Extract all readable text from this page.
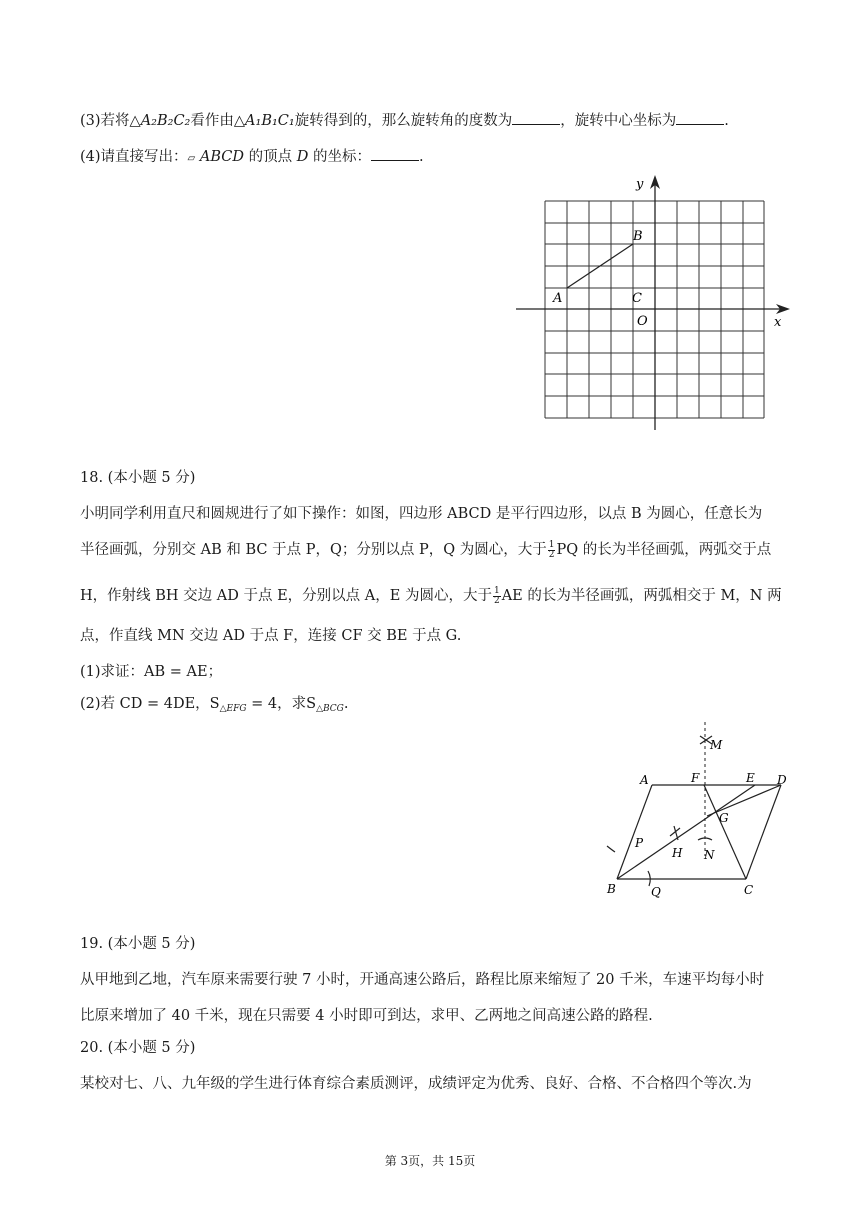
(3)若将△A₂B₂C₂看作由△A₁B₁C₁旋转得到的，那么旋转角的度数为	，旋转中心坐标为	.
(4)请直接写出：▱ ABCD 的顶点 D 的坐标：	.
y
x
B
A	C
O
18. (本小题 5 分)
小明同学利用直尺和圆规进行了如下操作：如图，四边形 ABCD 是平行四边形，以点 B 为圆心，任意长为
半径画弧，分别交 AB 和 BC 于点 P，Q；分别以点 P，Q 为圆心，大于 $\frac{1}{2}$ PQ 的长为半径画弧，两弧交于点
H，作射线 BH 交边 AD 于点 E，分别以点 A，E 为圆心，大于 $\frac{1}{2}$ AE 的长为半径画弧，两弧相交于 M，N 两
点，作直线 MN 交边 AD 于点 F，连接 CF 交 BE 于点 G.
(1)求证：AB = AE；
(2)若 CD = 4DE，$S_{\triangle EFG} = 4$，求$S_{\triangle BCG}$.
M
A	F	E D
G
P
H N
B	Q	C
19. (本小题 5 分)
从甲地到乙地，汽车原来需要行驶 7 小时，开通高速公路后，路程比原来缩短了 20 千米，车速平均每小时
比原来增加了 40 千米，现在只需要 4 小时即可到达，求甲、乙两地之间高速公路的路程.
20. (本小题 5 分)
某校对七、八、九年级的学生进行体育综合素质测评，成绩评定为优秀、良好、合格、不合格四个等次.为
第 3页，共 15页
